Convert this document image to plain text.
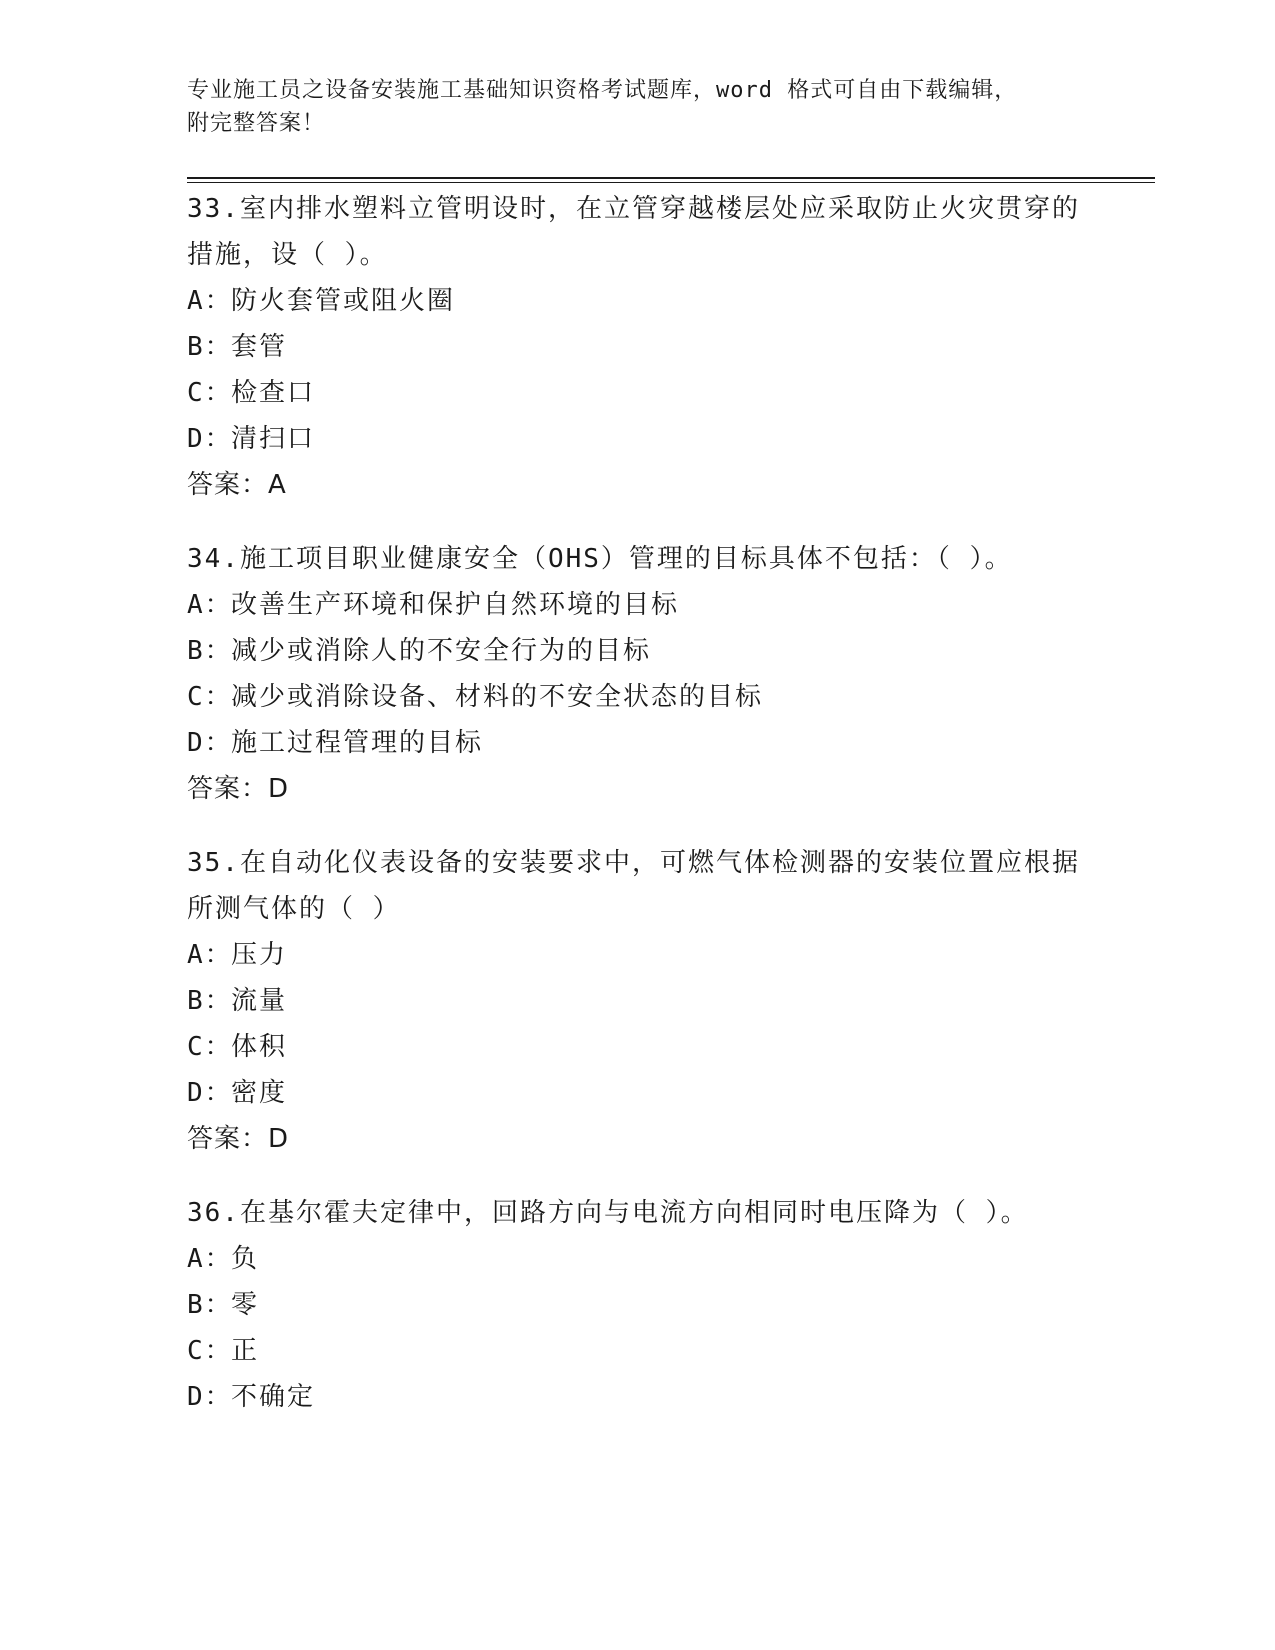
专业施工员之设备安装施工基础知识资格考试题库，word 格式可自由下载编辑，
附完整答案！

33.室内排水塑料立管明设时，在立管穿越楼层处应采取防止火灾贯穿的措施，设（ ）。

A：防火套管或阻火圈
B：套管
C：检查口
D：清扫口
答案：A

34.施工项目职业健康安全（OHS）管理的目标具体不包括：（ ）。

A：改善生产环境和保护自然环境的目标
B：减少或消除人的不安全行为的目标
C：减少或消除设备、材料的不安全状态的目标
D：施工过程管理的目标
答案：D

35.在自动化仪表设备的安装要求中，可燃气体检测器的安装位置应根据所测气体的（ ）

A：压力
B：流量
C：体积
D：密度
答案：D

36.在基尔霍夫定律中，回路方向与电流方向相同时电压降为（ ）。

A：负
B：零
C：正
D：不确定
